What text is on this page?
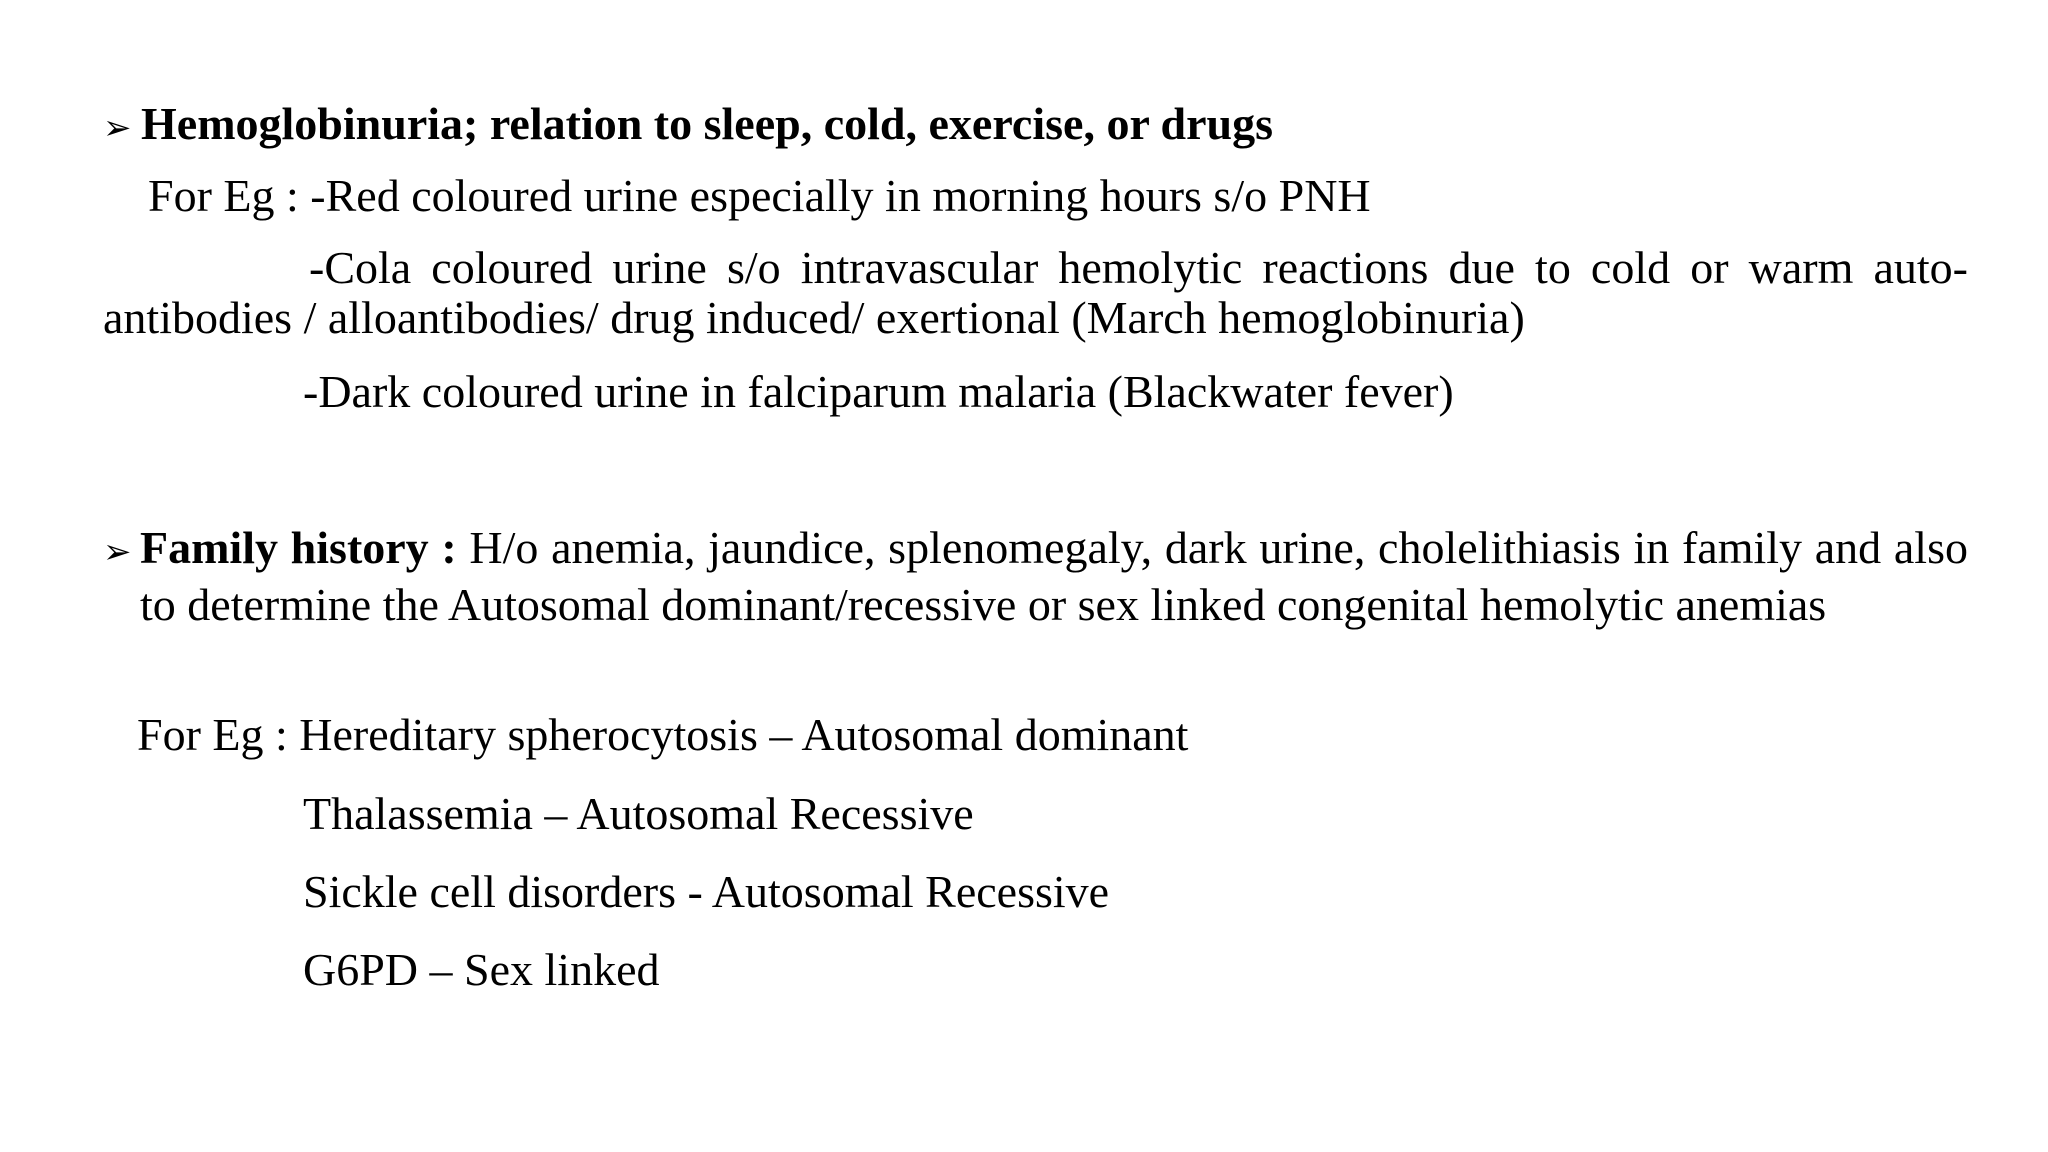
➢ Hemoglobinuria; relation to sleep, cold, exercise, or drugs
For Eg : -Red coloured urine especially in morning hours s/o PNH
-Cola coloured urine s/o intravascular hemolytic reactions due to cold or warm auto-antibodies / alloantibodies/ drug induced/ exertional (March hemoglobinuria)
-Dark coloured urine in falciparum malaria (Blackwater fever)
➢ Family history : H/o anemia, jaundice, splenomegaly, dark urine, cholelithiasis in family and also to determine the Autosomal dominant/recessive or sex linked congenital hemolytic anemias
For Eg : Hereditary spherocytosis – Autosomal dominant
Thalassemia – Autosomal Recessive
Sickle cell disorders - Autosomal Recessive
G6PD – Sex linked
